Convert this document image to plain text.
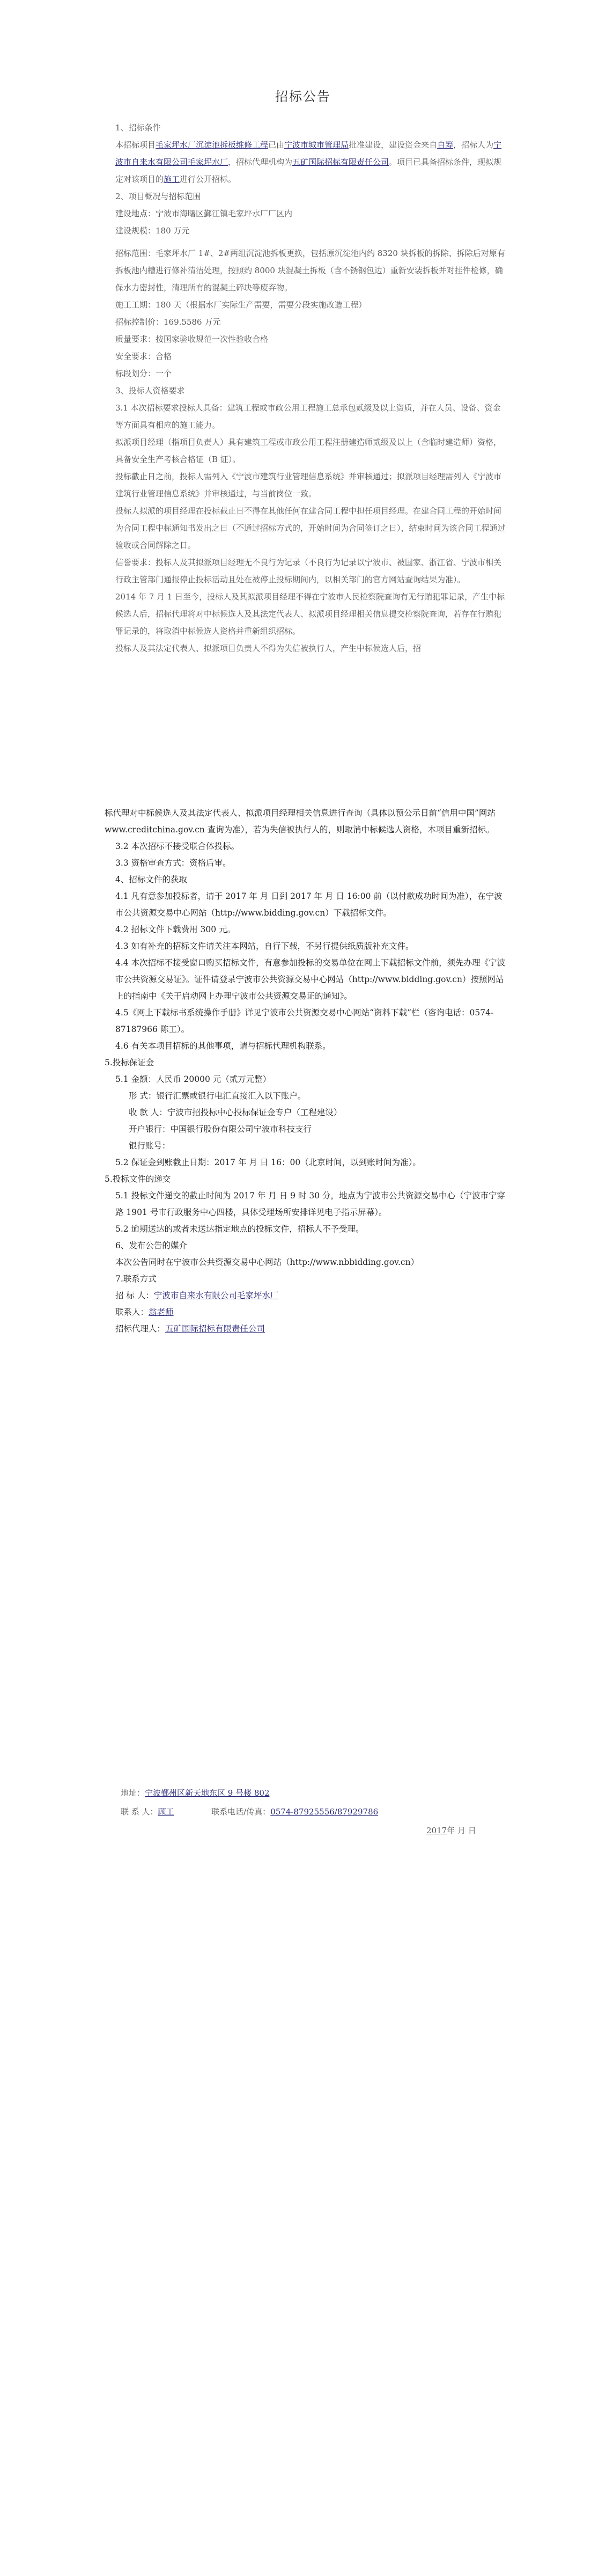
招标公告

1、招标条件

本招标项目毛家坪水厂沉淀池拆板维修工程已由宁波市城市管理局批准建设，建设资金来自自筹，招标人为宁波市自来水有限公司毛家坪水厂，招标代理机构为五矿国际招标有限责任公司。项目已具备招标条件，现拟规定对该项目的施工进行公开招标。

2、项目概况与招标范围

建设地点：宁波市海曙区鄞江镇毛家坪水厂厂区内

建设规模：180 万元

招标范围：毛家坪水厂 1#、2#两组沉淀池拆板更换，包括原沉淀池内约 8320 块拆板的拆除、拆除后对原有拆板池内槽进行修补清洁处理，按照约 8000 块混凝土拆板（含不锈钢包边）重新安装拆板并对挂件检修，确保水力密封性，清理所有的混凝土碎块等废弃物。

施工工期：180 天（根据水厂实际生产需要，需要分段实施改造工程）

招标控制价：169.5586 万元

质量要求：按国家验收规范一次性验收合格

安全要求：合格

标段划分：一个

3、投标人资格要求

3.1 本次招标要求投标人具备：建筑工程或市政公用工程施工总承包贰级及以上资质，并在人员、设备、资金等方面具有相应的施工能力。

拟派项目经理（指项目负责人）具有建筑工程或市政公用工程注册建造师贰级及以上（含临时建造师）资格，具备安全生产考核合格证（B 证）。

投标截止日之前，投标人需列入《宁波市建筑行业管理信息系统》并审核通过；拟派项目经理需列入《宁波市建筑行业管理信息系统》并审核通过，与当前岗位一致。

投标人拟派的项目经理在投标截止日不得在其他任何在建合同工程中担任项目经理。在建合同工程的开始时间为合同工程中标通知书发出之日（不通过招标方式的，开始时间为合同签订之日），结束时间为该合同工程通过验收或合同解除之日。

信誉要求：投标人及其拟派项目经理无不良行为记录（不良行为记录以宁波市、被国家、浙江省、宁波市相关行政主管部门通报停止投标活动且处在被停止投标期间内，以相关部门的官方网站查询结果为准）。

2014 年 7 月 1 日至今，投标人及其拟派项目经理不得在宁波市人民检察院查询有无行贿犯罪记录，产生中标候选人后，招标代理将对中标候选人及其法定代表人、拟派项目经理相关信息提交检察院查询，若存在行贿犯罪记录的，将取消中标候选人资格并重新组织招标。

投标人及其法定代表人、拟派项目负责人不得为失信被执行人，产生中标候选人后，招

标代理对中标候选人及其法定代表人、拟派项目经理相关信息进行查询（具体以预公示日前“信用中国”网站 www.creditchina.gov.cn 查询为准），若为失信被执行人的，则取消中标候选人资格，本项目重新招标。

3.2 本次招标不接受联合体投标。

3.3 资格审查方式：资格后审。

4、招标文件的获取

4.1 凡有意参加投标者，请于 2017 年 月 日到 2017 年 月 日 16:00 前（以付款成功时间为准），在宁波市公共资源交易中心网站（http://www.bidding.gov.cn）下载招标文件。

4.2 招标文件下载费用 300 元。

4.3 如有补充的招标文件请关注本网站，自行下载，不另行提供纸质版补充文件。

4.4 本次招标不接受窗口购买招标文件，有意参加投标的交易单位在网上下载招标文件前，须先办理《宁波市公共资源交易证》。证件请登录宁波市公共资源交易中心网站（http://www.bidding.gov.cn）按照网站上的指南中《关于启动网上办理宁波市公共资源交易证的通知》。

4.5《网上下载标书系统操作手册》详见宁波市公共资源交易中心网站“资料下载”栏（咨询电话：0574-87187966 陈工）。

4.6 有关本项目招标的其他事项，请与招标代理机构联系。

5.投标保证金

5.1 金额：人民币 20000 元（贰万元整）

形 式：银行汇票或银行电汇直接汇入以下账户。

收 款 人：宁波市招投标中心投标保证金专户（工程建设）

开户银行：中国银行股份有限公司宁波市科技支行

银行账号：

5.2 保证金到账截止日期：2017 年 月 日 16：00（北京时间，以到账时间为准）。

5.投标文件的递交

5.1 投标文件递交的截止时间为 2017 年 月 日 9 时 30 分，地点为宁波市公共资源交易中心（宁波市宁穿路 1901 号市行政服务中心四楼，具体受理场所安排详见电子指示屏幕）。

5.2 逾期送达的或者未送达指定地点的投标文件，招标人不予受理。

6、发布公告的媒介

本次公告同时在宁波市公共资源交易中心网站（http://www.nbbidding.gov.cn）

7.联系方式

招 标 人：宁波市自来水有限公司毛家坪水厂

联系人：翁老师

招标代理人：五矿国际招标有限责任公司

地址：宁波鄞州区新天地东区 9 号楼 802
联 系 人：顾工	联系电话/传真：0574-87925556/87929786
2017年 月 日
